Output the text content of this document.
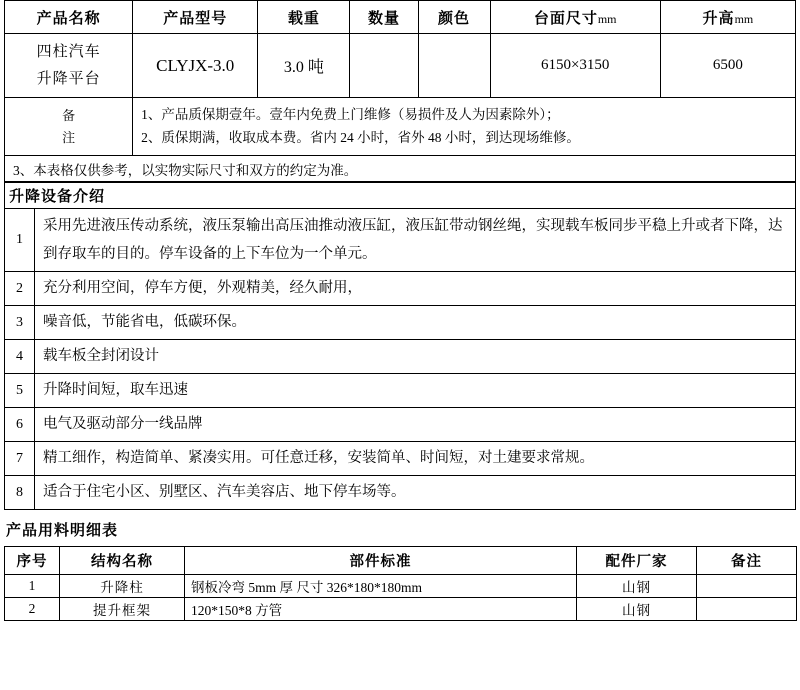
产品名称	产品型号	载重	数量	颜色	台面尺寸mm	升高mm

四柱汽车
升降平台	CLYJX-3.0	3.0 吨			6150×3150	6500

备
注

1、产品质保期壹年。壹年内免费上门维修（易损件及人为因素除外）；
2、质保期满，收取成本费。省内 24 小时，省外 48 小时，到达现场维修。

3、本表格仅供参考，以实物实际尺寸和双方的约定为准。						
升降设备介绍	
1	采用先进液压传动系统，液压泵输出高压油推动液压缸，液压缸带动钢丝绳，实现载车板同步平稳上升或者下降，达到存取车的目的。停车设备的上下车位为一个单元。
2	充分利用空间，停车方便，外观精美，经久耐用，
3	噪音低，节能省电，低碳环保。
4	载车板全封闭设计
5	升降时间短，取车迅速
6	电气及驱动部分一线品牌
7	精工细作，构造简单、紧凑实用。可任意迁移，安装简单、时间短，对土建要求常规。
8	适合于住宅小区、别墅区、汽车美容店、地下停车场等。
产品用料明细表
序号	结构名称	部件标准	配件厂家	备注
1	升降柱	钢板冷弯 5mm 厚 尺寸 326*180*180mm	山钢	
2	提升框架	120*150*8 方管	山钢	
